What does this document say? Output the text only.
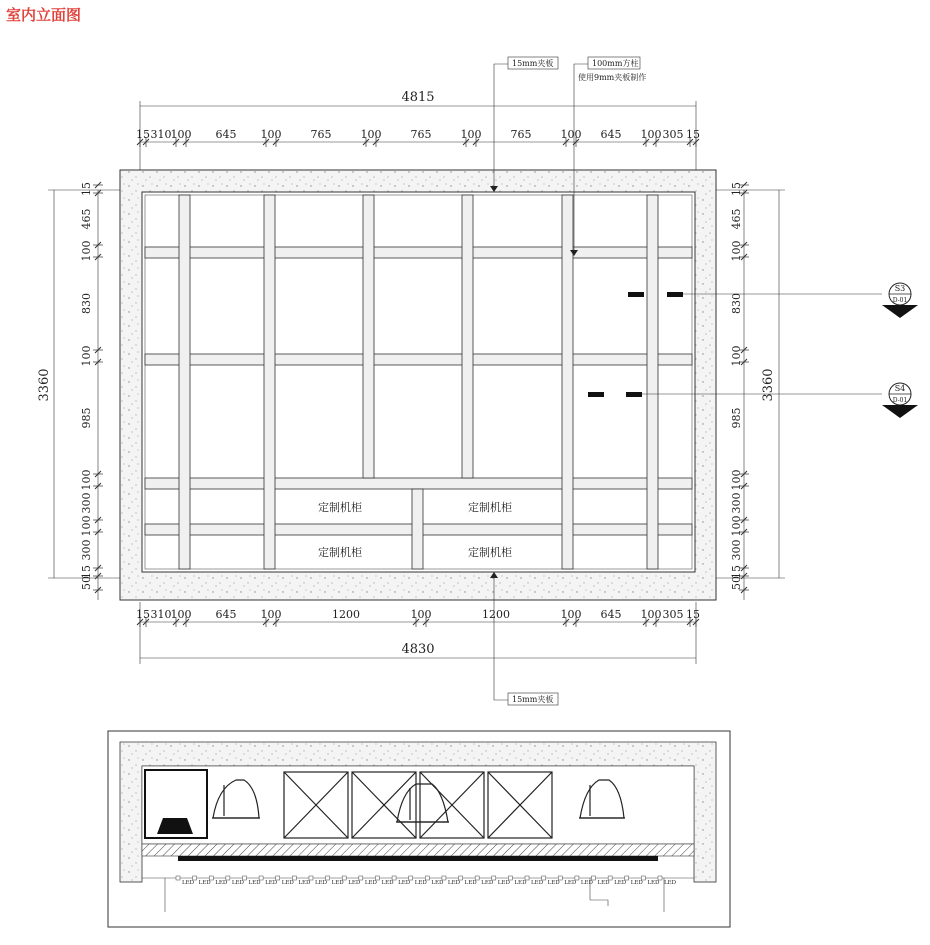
室内立面图
定制机柜	定制机柜
定制机柜	定制机柜
S3
D-01
S4
D-01
15mm夹板	100mm方柱
使用9mm夹板制作
15mm夹板
4815
4830
3360	3360
15 310 100 645 100	765	100	765	100	765	100 645 100 305 15
15 310 100 645 100	1200	100	1200	100 645 100 305 15
15
465
100
830
100
985
100
300
100
300
15
50
15
465
100
830
100
985
100
300
100
300
15
50
LED LED LED LED LED LED LED LED LED LED LED LED LED LED LED LED LED LED LED LED LED LED LED LED LED LED LED LED LED LED
